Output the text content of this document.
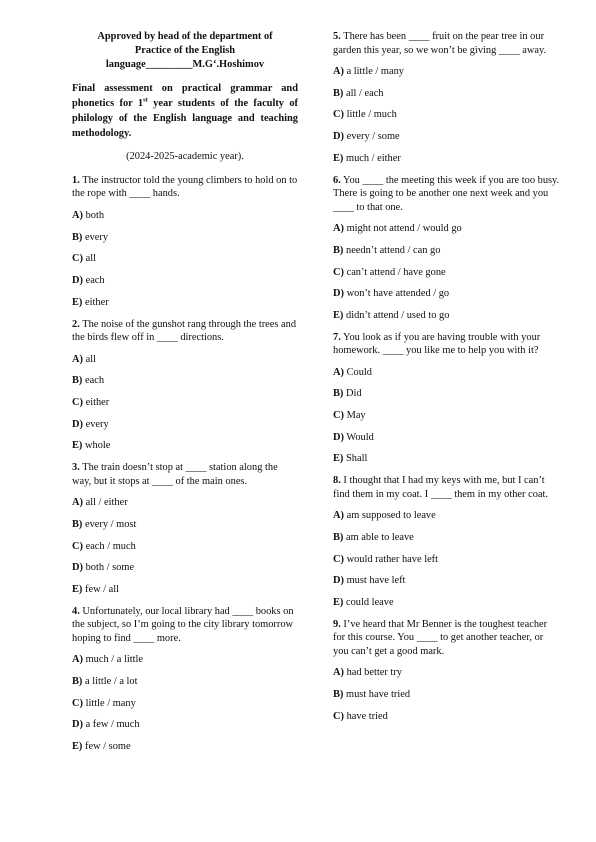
Approved by head of the department of
Practice of the English
language_________M.G‘.Hoshimov
Final assessment on practical grammar and phonetics for 1st year students of the faculty of philology of the English language and teaching methodology.
(2024-2025-academic year).
1. The instructor told the young climbers to hold on to the rope with ____ hands.
A) both
B) every
C) all
D) each
E) either
2. The noise of the gunshot rang through the trees and the birds flew off in ____ directions.
A) all
B) each
C) either
D) every
E) whole
3. The train doesn’t stop at ____ station along the way, but it stops at ____ of the main ones.
A) all / either
B) every / most
C) each / much
D) both / some
E) few / all
4. Unfortunately, our local library had ____ books on the subject, so I’m going to the city library tomorrow hoping to find ____ more.
A) much / a little
B) a little / a lot
C) little / many
D) a few / much
E) few / some
5. There has been ____ fruit on the pear tree in our garden this year, so we won’t be giving ____ away.
A) a little / many
B) all / each
C) little / much
D) every / some
E) much / either
6. You ____ the meeting this week if you are too busy. There is going to be another one next week and you ____ to that one.
A) might not attend / would go
B) needn’t attend / can go
C) can’t attend / have gone
D) won’t have attended / go
E) didn’t attend / used to go
7. You look as if you are having trouble with your homework. ____ you like me to help you with it?
A) Could
B) Did
C) May
D) Would
E) Shall
8. I thought that I had my keys with me, but I can’t find them in my coat. I ____ them in my other coat.
A) am supposed to leave
B) am able to leave
C) would rather have left
D) must have left
E) could leave
9. I’ve heard that Mr Benner is the toughest teacher for this course. You ____ to get another teacher, or you can’t get a good mark.
A) had better try
B) must have tried
C) have tried
